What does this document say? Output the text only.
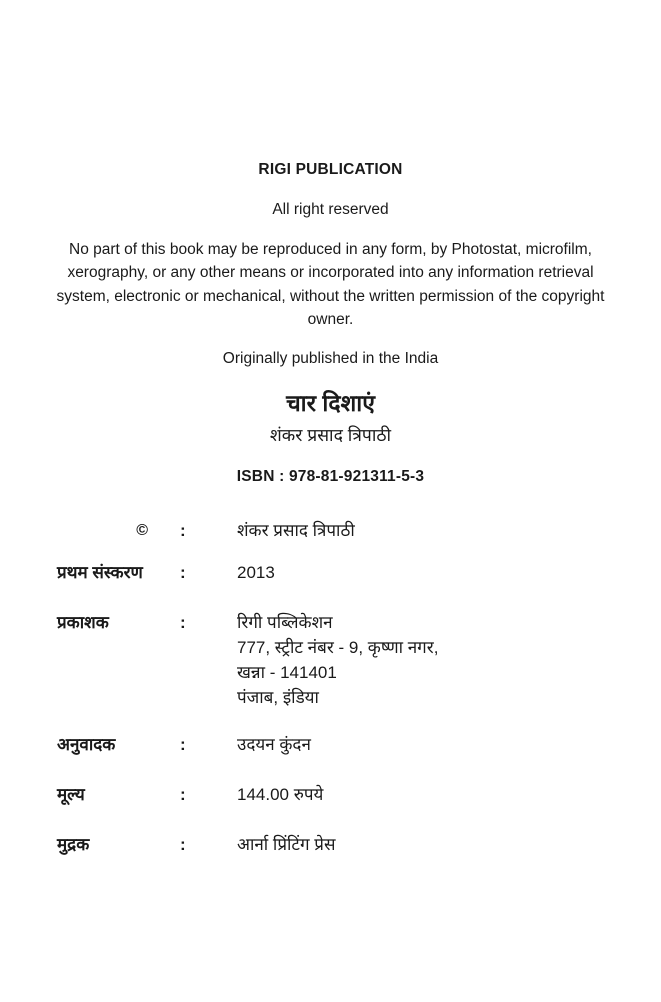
RIGI PUBLICATION
All right reserved
No part of this book may be reproduced in any form, by Photostat, microfilm, xerography, or any other means or incorporated into any information retrieval system, electronic or mechanical, without the written permission of the copyright owner.
Originally published in the India
चार दिशाएं
शंकर प्रसाद त्रिपाठी
ISBN : 978-81-921311-5-3
©	:	शंकर प्रसाद त्रिपाठी
प्रथम संस्करण	:	2013
प्रकाशक	:	रिगी पब्लिकेशन
777, स्ट्रीट नंबर - 9, कृष्णा नगर,
खन्ना - 141401
पंजाब, इंडिया
अनुवादक	:	उदयन कुंदन
मूल्य	:	144.00 रुपये
मुद्रक	:	आर्ना प्रिंटिंग प्रेस
